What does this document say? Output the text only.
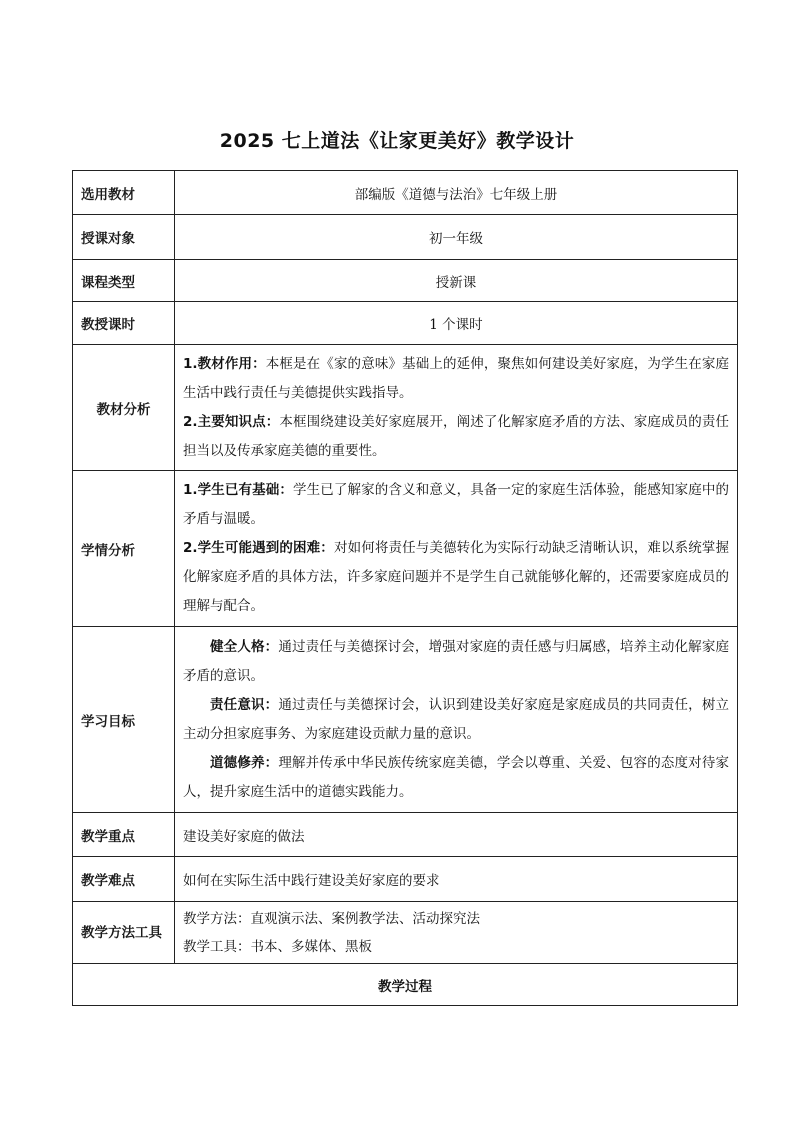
2025 七上道法《让家更美好》教学设计
选用教材	部编版《道德与法治》七年级上册
授课对象	初一年级
课程类型	授新课
教授课时	1 个课时
教材分析	1.教材作用：本框是在《家的意味》基础上的延伸，聚焦如何建设美好家庭，为学生在家庭生活中践行责任与美德提供实践指导。
2.主要知识点：本框围绕建设美好家庭展开，阐述了化解家庭矛盾的方法、家庭成员的责任担当以及传承家庭美德的重要性。

学情分析	1.学生已有基础：学生已了解家的含义和意义，具备一定的家庭生活体验，能感知家庭中的矛盾与温暖。
2.学生可能遇到的困难：对如何将责任与美德转化为实际行动缺乏清晰认识，难以系统掌握化解家庭矛盾的具体方法，许多家庭问题并不是学生自己就能够化解的，还需要家庭成员的理解与配合。

学习目标	健全人格：通过责任与美德探讨会，增强对家庭的责任感与归属感，培养主动化解家庭矛盾的意识。
责任意识：通过责任与美德探讨会，认识到建设美好家庭是家庭成员的共同责任，树立主动分担家庭事务、为家庭建设贡献力量的意识。
道德修养：理解并传承中华民族传统家庭美德，学会以尊重、关爱、包容的态度对待家人，提升家庭生活中的道德实践能力。

教学重点	建设美好家庭的做法
教学难点	如何在实际生活中践行建设美好家庭的要求
教学方法工具	教学方法：直观演示法、案例教学法、活动探究法
教学工具：书本、多媒体、黑板

教学过程	
